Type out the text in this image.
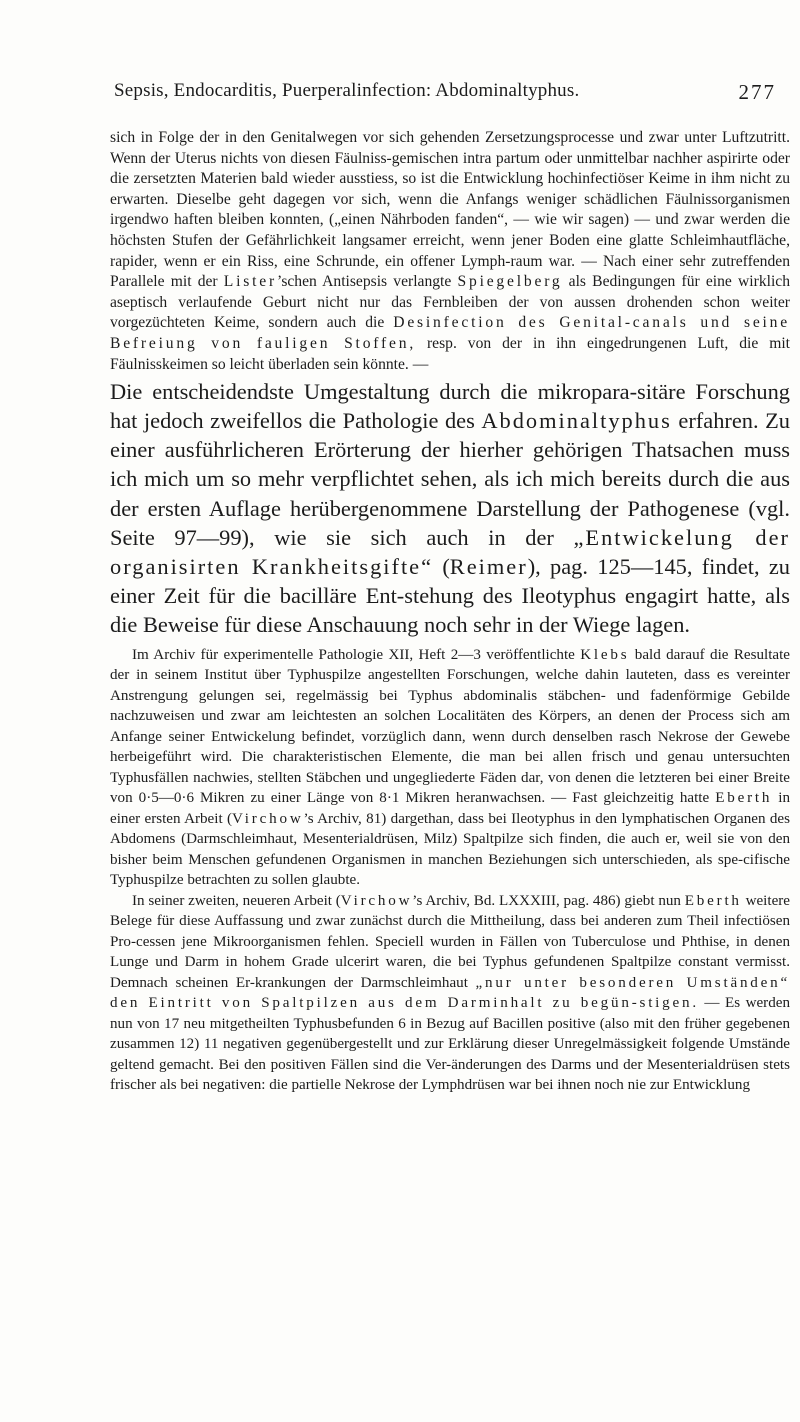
Sepsis, Endocarditis, Puerperalinfection: Abdominaltyphus.	277

sich in Folge der in den Genitalwegen vor sich gehenden Zersetzungsprocesse und zwar unter Luftzutritt. Wenn der Uterus nichts von diesen Fäulniss-gemischen intra partum oder unmittelbar nachher aspirirte oder die zersetzten Materien bald wieder ausstiess, so ist die Entwicklung hochinfectiöser Keime in ihm nicht zu erwarten. Dieselbe geht dagegen vor sich, wenn die Anfangs weniger schädlichen Fäulnissorganismen irgendwo haften bleiben konnten, („einen Nährboden fanden“, — wie wir sagen) — und zwar werden die höchsten Stufen der Gefährlichkeit langsamer erreicht, wenn jener Boden eine glatte Schleimhautfläche, rapider, wenn er ein Riss, eine Schrunde, ein offener Lymph-raum war. — Nach einer sehr zutreffenden Parallele mit der Lister’schen Antisepsis verlangte Spiegelberg als Bedingungen für eine wirklich aseptisch verlaufende Geburt nicht nur das Fernbleiben der von aussen drohenden schon weiter vorgezüchteten Keime, sondern auch die Desinfection des Genital-canals und seine Befreiung von fauligen Stoffen, resp. von der in ihn eingedrungenen Luft, die mit Fäulnisskeimen so leicht überladen sein könnte. —

Die entscheidendste Umgestaltung durch die mikropara-sitäre Forschung hat jedoch zweifellos die Pathologie des Abdominaltyphus erfahren. Zu einer ausführlicheren Erörterung der hierher gehörigen Thatsachen muss ich mich um so mehr verpflichtet sehen, als ich mich bereits durch die aus der ersten Auflage herübergenommene Darstellung der Pathogenese (vgl. Seite 97—99), wie sie sich auch in der „Entwickelung der organisirten Krankheitsgifte“ (Reimer), pag. 125—145, findet, zu einer Zeit für die bacilläre Ent-stehung des Ileotyphus engagirt hatte, als die Beweise für diese Anschauung noch sehr in der Wiege lagen.

Im Archiv für experimentelle Pathologie XII, Heft 2—3 veröffentlichte Klebs bald darauf die Resultate der in seinem Institut über Typhuspilze angestellten Forschungen, welche dahin lauteten, dass es vereinter Anstrengung gelungen sei, regelmässig bei Typhus abdominalis stäbchen- und fadenförmige Gebilde nachzuweisen und zwar am leichtesten an solchen Localitäten des Körpers, an denen der Process sich am Anfange seiner Entwickelung befindet, vorzüglich dann, wenn durch denselben rasch Nekrose der Gewebe herbeigeführt wird. Die charakteristischen Elemente, die man bei allen frisch und genau untersuchten Typhusfällen nachwies, stellten Stäbchen und ungegliederte Fäden dar, von denen die letzteren bei einer Breite von 0·5—0·6 Mikren zu einer Länge von 8·1 Mikren heranwachsen. — Fast gleichzeitig hatte Eberth in einer ersten Arbeit (Virchow’s Archiv, 81) dargethan, dass bei Ileotyphus in den lymphatischen Organen des Abdomens (Darmschleimhaut, Mesenterialdrüsen, Milz) Spaltpilze sich finden, die auch er, weil sie von den bisher beim Menschen gefundenen Organismen in manchen Beziehungen sich unterschieden, als spe-cifische Typhuspilze betrachten zu sollen glaubte.

In seiner zweiten, neueren Arbeit (Virchow’s Archiv, Bd. LXXXIII, pag. 486) giebt nun Eberth weitere Belege für diese Auffassung und zwar zunächst durch die Mittheilung, dass bei anderen zum Theil infectiösen Pro-cessen jene Mikroorganismen fehlen. Speciell wurden in Fällen von Tuberculose und Phthise, in denen Lunge und Darm in hohem Grade ulcerirt waren, die bei Typhus gefundenen Spaltpilze constant vermisst. Demnach scheinen Er-krankungen der Darmschleimhaut „nur unter besonderen Umständen“ den Eintritt von Spaltpilzen aus dem Darminhalt zu begün-stigen. — Es werden nun von 17 neu mitgetheilten Typhusbefunden 6 in Bezug auf Bacillen positive (also mit den früher gegebenen zusammen 12) 11 negativen gegenübergestellt und zur Erklärung dieser Unregelmässigkeit folgende Umstände geltend gemacht. Bei den positiven Fällen sind die Ver-änderungen des Darms und der Mesenterialdrüsen stets frischer als bei negativen: die partielle Nekrose der Lymphdrüsen war bei ihnen noch nie zur Entwicklung
